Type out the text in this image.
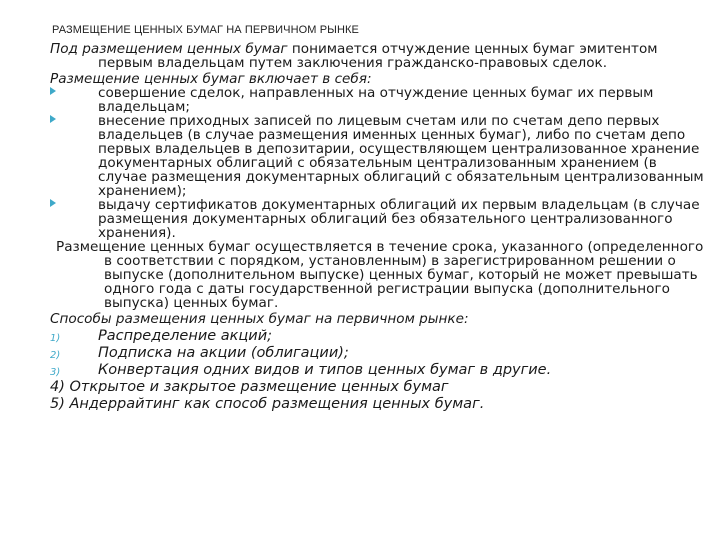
РАЗМЕЩЕНИЕ ЦЕННЫХ БУМАГ НА ПЕРВИЧНОМ РЫНКЕ

Под размещением ценных бумаг понимается отчуждение ценных бумаг эмитентом первым владельцам путем заключения гражданско-правовых сделок.

Размещение ценных бумаг включает в себя:

совершение сделок, направленных на отчуждение ценных бумаг их первым владельцам;
внесение приходных записей по лицевым счетам или по счетам депо первых владельцев (в случае размещения именных ценных бумаг), либо по счетам депо первых владельцев в депозитарии, осуществляющем централизованное хранение документарных облигаций с обязательным централизованным хранением (в случае размещения документарных облигаций с обязательным централизованным хранением);
выдачу сертификатов документарных облигаций их первым владельцам (в случае размещения документарных облигаций без обязательного централизованного хранения).

Размещение ценных бумаг осуществляется в течение срока, указанного (определенного в соответствии с порядком, установленным) в зарегистрированном решении о выпуске (дополнительном выпуске) ценных бумаг, который не может превышать одного года с даты государственной регистрации выпуска (дополнительного выпуска) ценных бумаг.

Способы размещения ценных бумаг на первичном рынке:

1)	Распределение акций;
2)	Подписка на акции (облигации);
3)	Конвертация одних видов и типов ценных бумаг в другие.
4) Открытое и закрытое размещение ценных бумаг
5) Андеррайтинг как способ размещения ценных бумаг.
